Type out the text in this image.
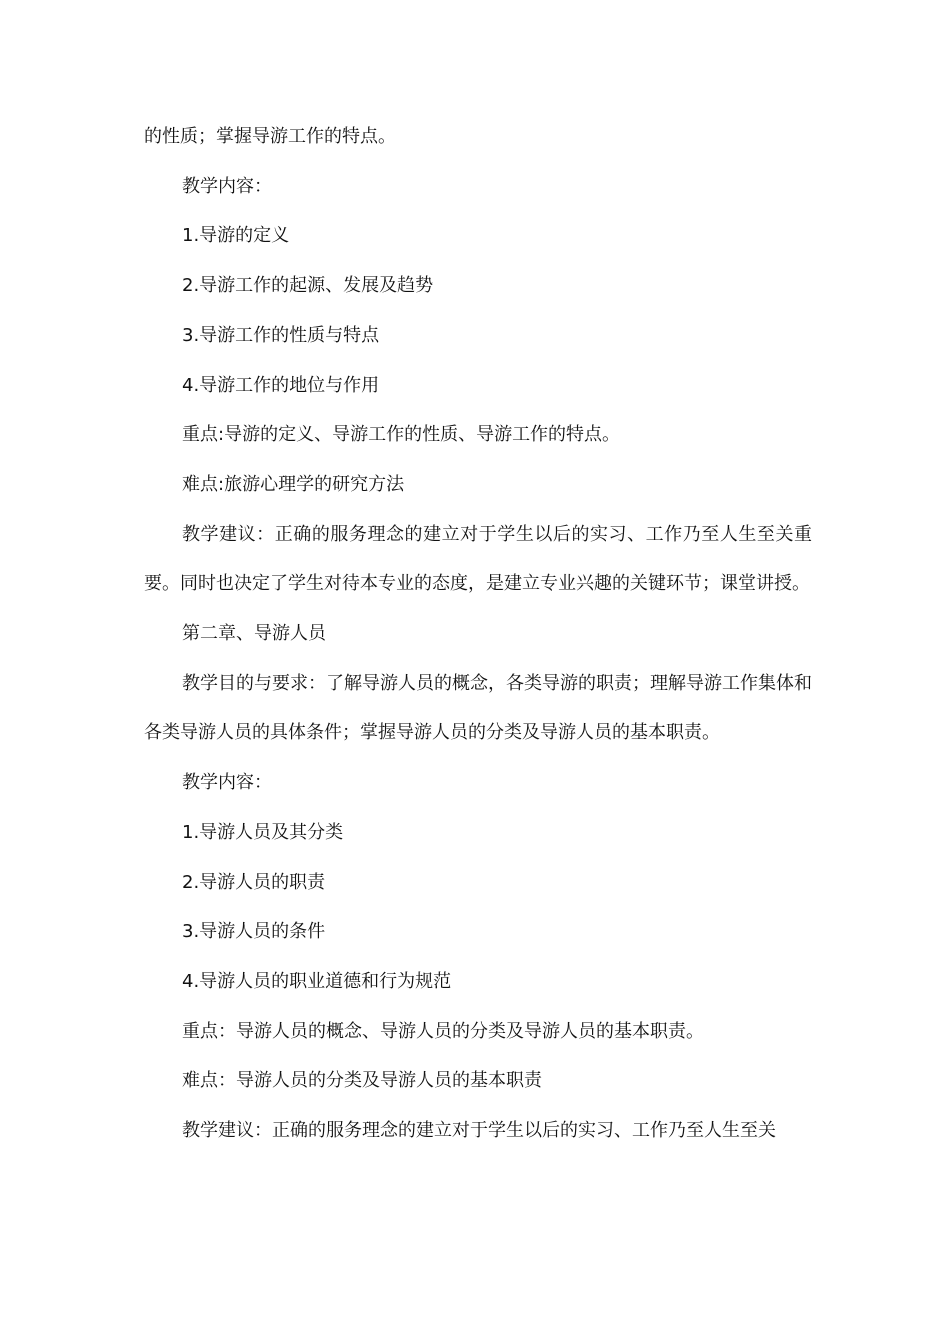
的性质；掌握导游工作的特点。

教学内容：

1.导游的定义

2.导游工作的起源、发展及趋势

3.导游工作的性质与特点

4.导游工作的地位与作用

重点:导游的定义、导游工作的性质、导游工作的特点。

难点:旅游心理学的研究方法

教学建议：正确的服务理念的建立对于学生以后的实习、工作乃至人生至关重要。同时也决定了学生对待本专业的态度，是建立专业兴趣的关键环节；课堂讲授。

第二章、导游人员

教学目的与要求：了解导游人员的概念，各类导游的职责；理解导游工作集体和各类导游人员的具体条件；掌握导游人员的分类及导游人员的基本职责。

教学内容：

1.导游人员及其分类

2.导游人员的职责

3.导游人员的条件

4.导游人员的职业道德和行为规范

重点：导游人员的概念、导游人员的分类及导游人员的基本职责。

难点：导游人员的分类及导游人员的基本职责

教学建议：正确的服务理念的建立对于学生以后的实习、工作乃至人生至关
